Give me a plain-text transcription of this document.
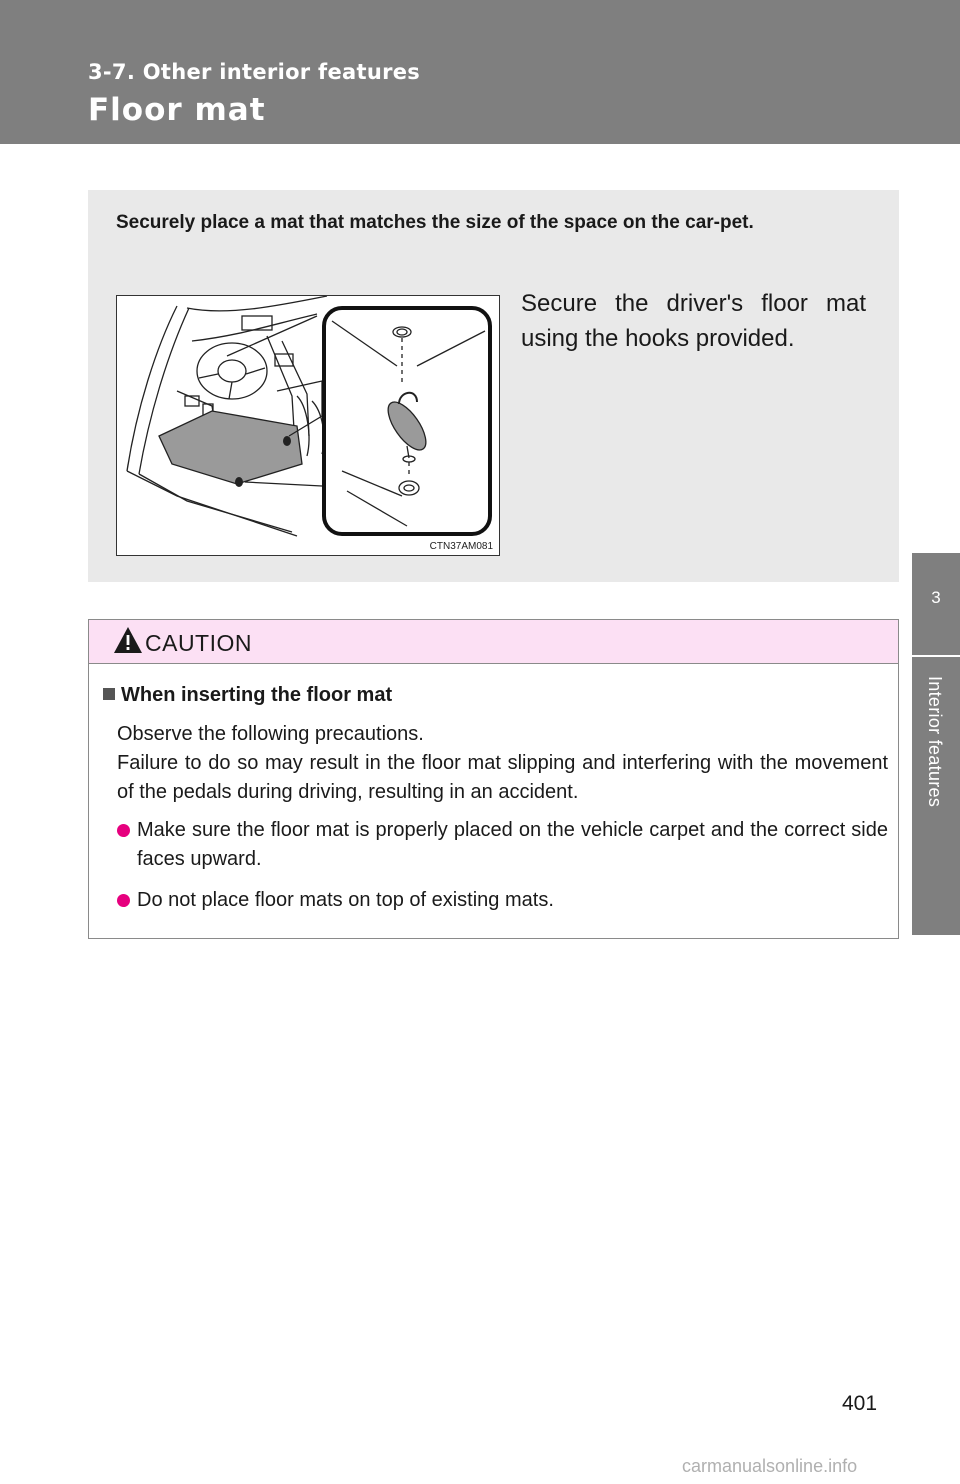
3-7. Other interior features
Floor mat
3
Interior features
Securely place a mat that matches the size of the space on the car-pet.
CTN37AM081
Secure the driver's floor mat using the hooks provided.
CAUTION
When inserting the floor mat
Observe the following precautions.
Failure to do so may result in the floor mat slipping and interfering with the movement of the pedals during driving, resulting in an accident.
Make sure the floor mat is properly placed on the vehicle carpet and the correct side faces upward.
Do not place floor mats on top of existing mats.
401
carmanualsonline.info
